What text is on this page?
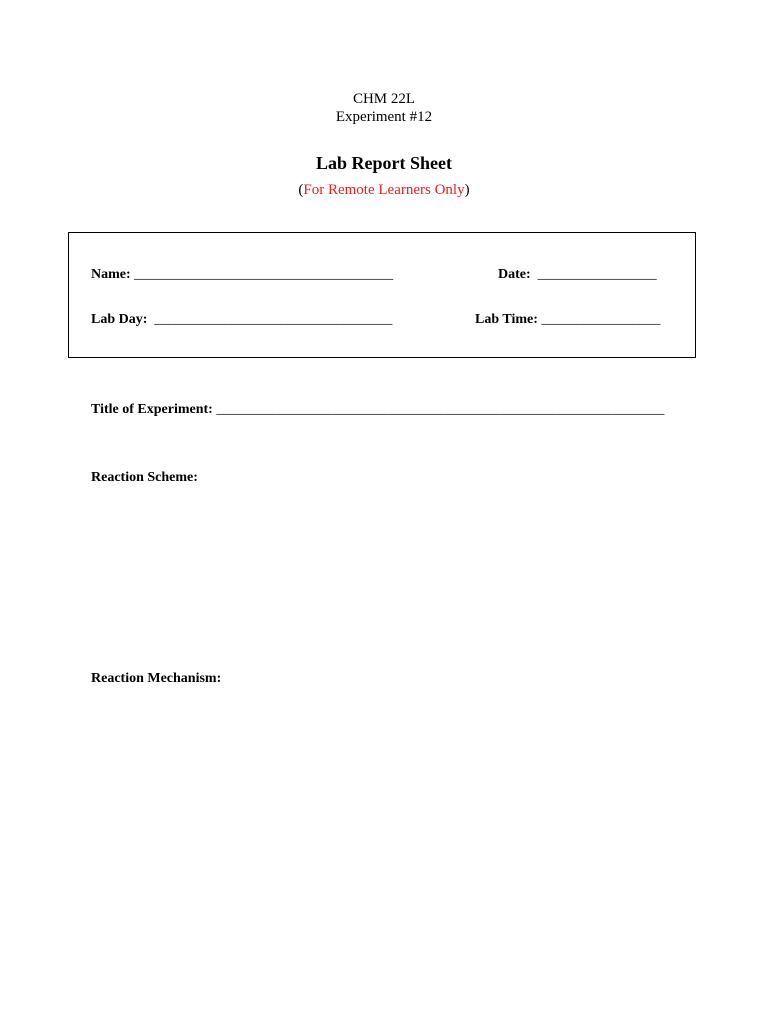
CHM 22L
Experiment #12
Lab Report Sheet
(For Remote Learners Only)
Name: _____________________________________	Date: _________________
Lab Day: __________________________________	Lab Time: _________________
Title of Experiment: ________________________________________________________________
Reaction Scheme:
Reaction Mechanism:
